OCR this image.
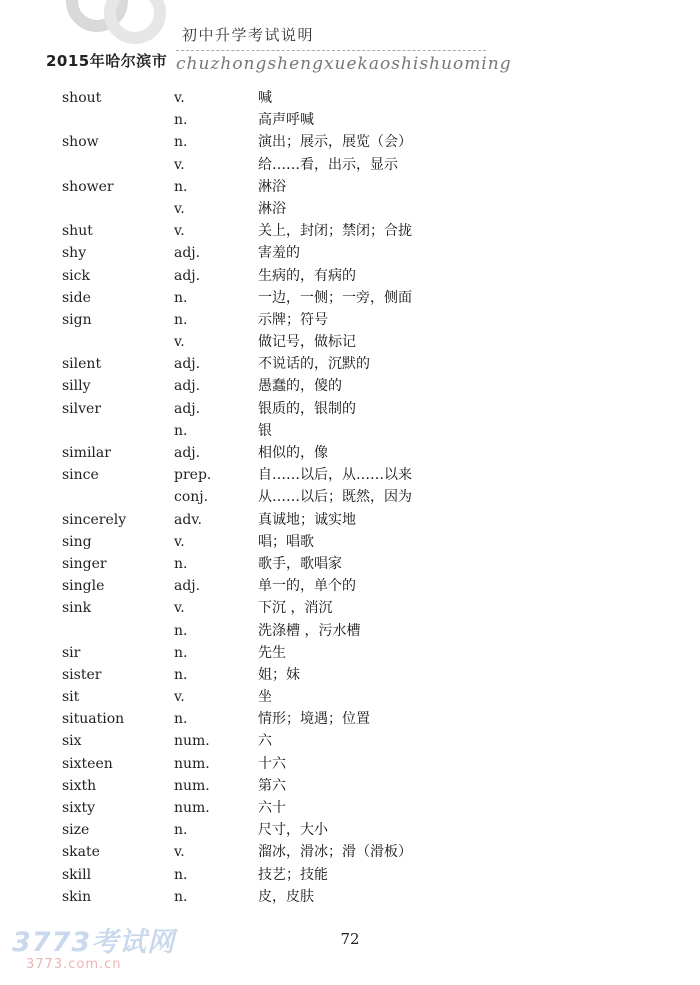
2015年哈尔滨市
初中升学考试说明
chuzhongshengxuekaoshishuoming
shout	v.	喊
n.	高声呼喊
show	n.	演出；展示，展览（会）
v.	给……看，出示，显示
shower	n.	淋浴
v.	淋浴
shut	v.	关上，封闭；禁闭；合拢
shy	adj.	害羞的
sick	adj.	生病的，有病的
side	n.	一边，一侧；一旁，侧面
sign	n.	示牌；符号
v.	做记号，做标记
silent	adj.	不说话的，沉默的
silly	adj.	愚蠢的，傻的
silver	adj.	银质的，银制的
n.	银
similar	adj.	相似的，像
since	prep.	自……以后，从……以来
conj.	从……以后；既然，因为
sincerely	adv.	真诚地；诚实地
sing	v.	唱；唱歌
singer	n.	歌手，歌唱家
single	adj.	单一的，单个的
sink	v.	下沉 ，消沉
n.	洗涤槽 ，污水槽
sir	n.	先生
sister	n.	姐；妹
sit	v.	坐
situation	n.	情形；境遇；位置
six	num.	六
sixteen	num.	十六
sixth	num.	第六
sixty	num.	六十
size	n.	尺寸，大小
skate	v.	溜冰，滑冰；滑（滑板）
skill	n.	技艺；技能
skin	n.	皮，皮肤
72
3773考试网
3773.com.cn
